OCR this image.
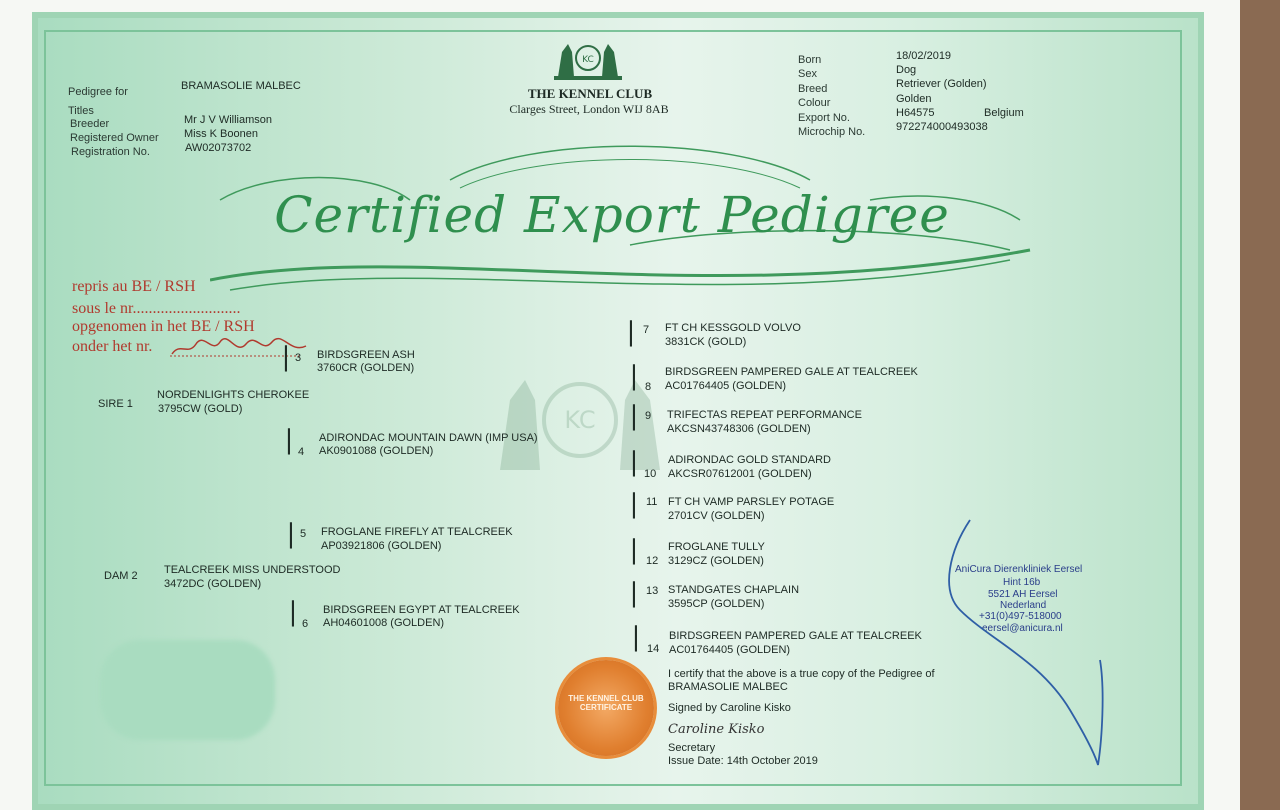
KC
THE KENNEL CLUB
Clarges Street, London WIJ 8AB
Pedigree for	BRAMASOLIE MALBEC
Titles
Breeder	Mr J V Williamson
Registered Owner Miss K Boonen
Registration No.	AW02073702
Born	18/02/2019
Sex	Dog
Breed	Retriever (Golden)
Colour	Golden
Export No.	H64575	Belgium
Microchip No.	972274000493038
Certified Export Pedigree
repris au BE / RSH
sous le nr...........................
opgenomen in het BE / RSH
onder het nr.
KC
SIRE 1
NORDENLIGHTS CHEROKEE
3795CW (GOLD)
DAM 2 TEALCREEK MISS UNDERSTOOD
3472DC (GOLDEN)
⎜ 3 BIRDSGREEN ASH
3760CR (GOLDEN)
⎜ 4
ADIRONDAC MOUNTAIN DAWN (IMP USA)
AK0901088 (GOLDEN)
⎜ 5 FROGLANE FIREFLY AT TEALCREEK
AP03921806 (GOLDEN)
⎜ 6
BIRDSGREEN EGYPT AT TEALCREEK
AH04601008 (GOLDEN)
⎜ 7 FT CH KESSGOLD VOLVO
3831CK (GOLD)
⎜ 8
BIRDSGREEN PAMPERED GALE AT TEALCREEK
AC01764405 (GOLDEN)
⎜ 9 TRIFECTAS REPEAT PERFORMANCE
AKCSN43748306 (GOLDEN)
⎜ 10
ADIRONDAC GOLD STANDARD
AKCSR07612001 (GOLDEN)
⎜ 11 FT CH VAMP PARSLEY POTAGE
2701CV (GOLDEN)
⎜ 12
FROGLANE TULLY
3129CZ (GOLDEN)
⎜ 13 STANDGATES CHAPLAIN
3595CP (GOLDEN)
⎜ 14
BIRDSGREEN PAMPERED GALE AT TEALCREEK
AC01764405 (GOLDEN)
AniCura Dierenkliniek Eersel
Hint 16b
5521 AH Eersel
Nederland
+31(0)497-518000
eersel@anicura.nl
THE KENNEL CLUB CERTIFICATE
I certify that the above is a true copy of the Pedigree of
BRAMASOLIE MALBEC
Signed by Caroline Kisko
Caroline Kisko
Secretary
Issue Date: 14th October 2019
